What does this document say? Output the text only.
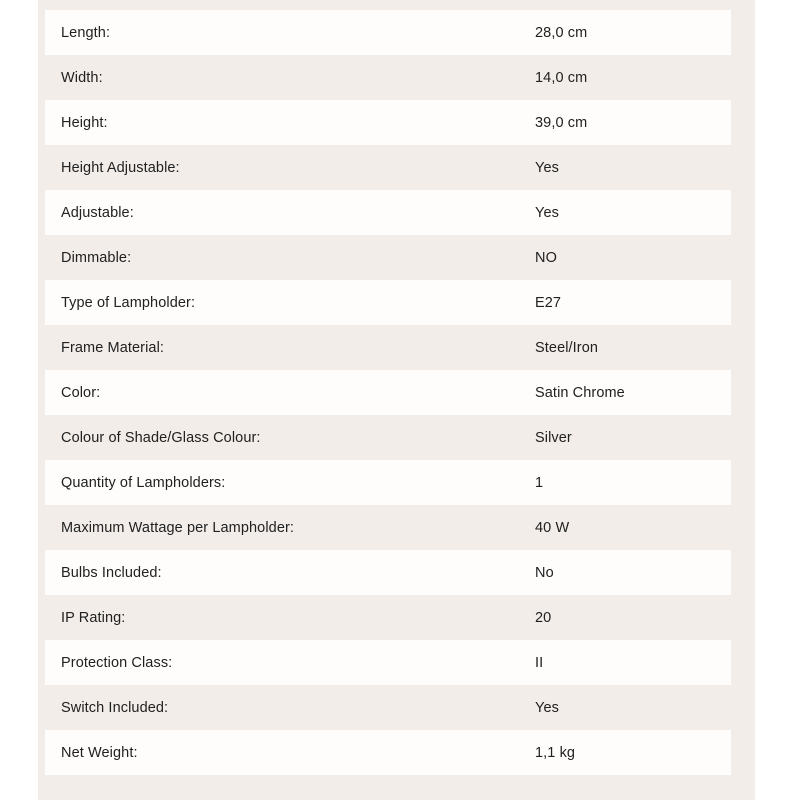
Length:	28,0 cm
Width:	14,0 cm
Height:	39,0 cm
Height Adjustable:	Yes
Adjustable:	Yes
Dimmable:	NO
Type of Lampholder:	E27
Frame Material:	Steel/Iron
Color:	Satin Chrome
Colour of Shade/Glass Colour:	Silver
Quantity of Lampholders:	1
Maximum Wattage per Lampholder:	40 W
Bulbs Included:	No
IP Rating:	20
Protection Class:	II
Switch Included:	Yes
Net Weight:	1,1 kg
